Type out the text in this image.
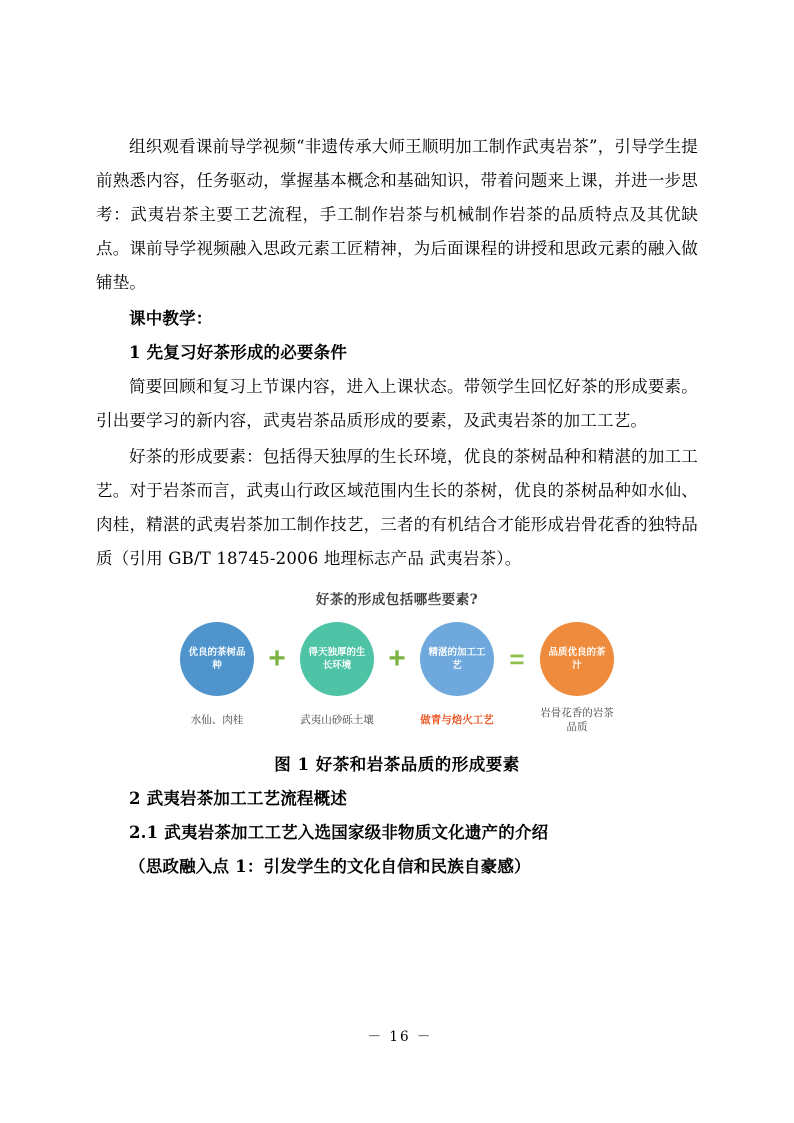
组织观看课前导学视频“非遗传承大师王顺明加工制作武夷岩茶”，引导学生提前熟悉内容，任务驱动，掌握基本概念和基础知识，带着问题来上课，并进一步思考：武夷岩茶主要工艺流程，手工制作岩茶与机械制作岩茶的品质特点及其优缺点。课前导学视频融入思政元素工匠精神，为后面课程的讲授和思政元素的融入做铺垫。

课中教学：
1 先复习好茶形成的必要条件

简要回顾和复习上节课内容，进入上课状态。带领学生回忆好茶的形成要素。引出要学习的新内容，武夷岩茶品质形成的要素，及武夷岩茶的加工工艺。

好茶的形成要素：包括得天独厚的生长环境，优良的茶树品种和精湛的加工工艺。对于岩茶而言，武夷山行政区域范围内生长的茶树，优良的茶树品种如水仙、肉桂，精湛的武夷岩茶加工制作技艺，三者的有机结合才能形成岩骨花香的独特品质（引用 GB/T 18745-2006 地理标志产品 武夷岩茶）。

好茶的形成包括哪些要素?
优良的茶树品种	+	得天独厚的生长环境	+	精湛的加工工艺	=	品质优良的茶汁
水仙、肉桂	武夷山砂砾土壤	做青与焙火工艺
岩骨花香的岩茶品质
图 1 好茶和岩茶品质的形成要素
2 武夷岩茶加工工艺流程概述
2.1 武夷岩茶加工工艺入选国家级非物质文化遗产的介绍
（思政融入点 1：引发学生的文化自信和民族自豪感）
－ 16 －
